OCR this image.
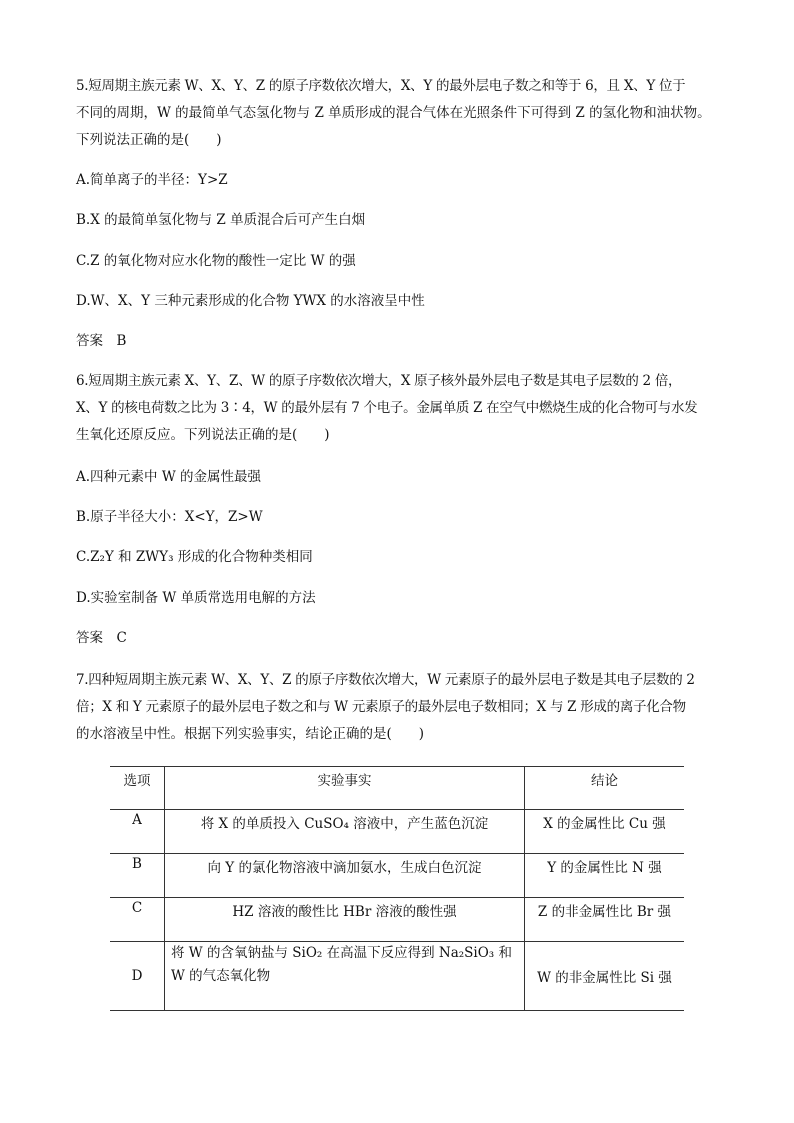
5.短周期主族元素 W、X、Y、Z 的原子序数依次增大，X、Y 的最外层电子数之和等于 6，且 X、Y 位于
不同的周期，W 的最简单气态氢化物与 Z 单质形成的混合气体在光照条件下可得到 Z 的氢化物和油状物。
下列说法正确的是(　　)
A.简单离子的半径：Y>Z
B.X 的最简单氢化物与 Z 单质混合后可产生白烟
C.Z 的氧化物对应水化物的酸性一定比 W 的强
D.W、X、Y 三种元素形成的化合物 YWX 的水溶液呈中性
答案　B
6.短周期主族元素 X、Y、Z、W 的原子序数依次增大，X 原子核外最外层电子数是其电子层数的 2 倍，
X、Y 的核电荷数之比为 3∶4，W 的最外层有 7 个电子。金属单质 Z 在空气中燃烧生成的化合物可与水发
生氧化还原反应。下列说法正确的是(　　)
A.四种元素中 W 的金属性最强
B.原子半径大小：X<Y，Z>W
C.Z₂Y 和 ZWY₃ 形成的化合物种类相同
D.实验室制备 W 单质常选用电解的方法
答案　C
7.四种短周期主族元素 W、X、Y、Z 的原子序数依次增大，W 元素原子的最外层电子数是其电子层数的 2
倍；X 和 Y 元素原子的最外层电子数之和与 W 元素原子的最外层电子数相同；X 与 Z 形成的离子化合物
的水溶液呈中性。根据下列实验事实，结论正确的是(　　)
选项	实验事实	结论
A	将 X 的单质投入 CuSO₄ 溶液中，产生蓝色沉淀	X 的金属性比 Cu 强
B	向 Y 的氯化物溶液中滴加氨水，生成白色沉淀	Y 的金属性比 N 强
C	HZ 溶液的酸性比 HBr 溶液的酸性强	Z 的非金属性比 Br 强
D	将 W 的含氧钠盐与 SiO₂ 在高温下反应得到 Na₂SiO₃ 和 W 的气态氧化物	W 的非金属性比 Si 强
